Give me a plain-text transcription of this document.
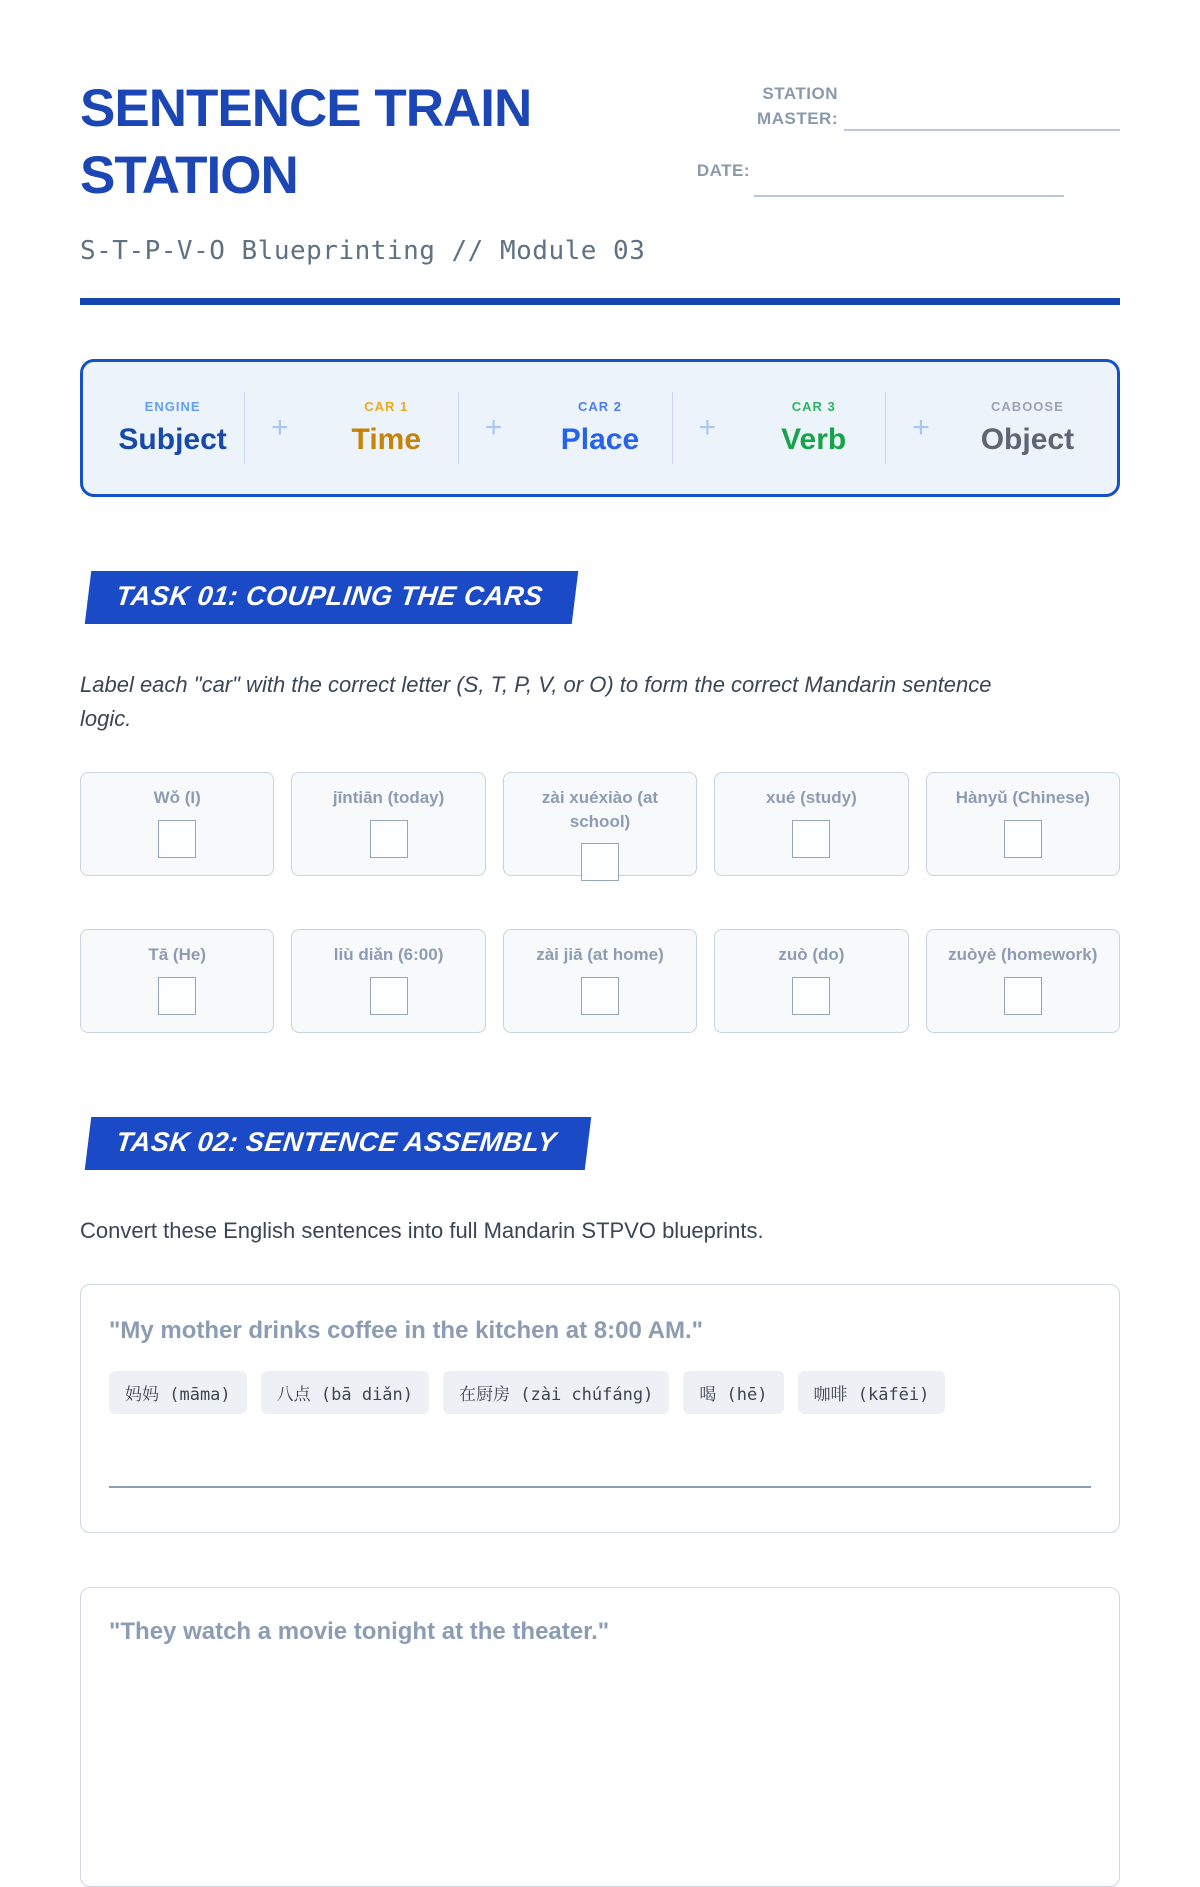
SENTENCE TRAIN
STATION
STATION MASTER:
DATE:
S-T-P-V-O Blueprinting // Module 03
ENGINE
Subject +
CAR 1
Time +
CAR 2
Place +
CAR 3
Verb +
CABOOSE
Object
TASK 01: COUPLING THE CARS
Label each "car" with the correct letter (S, T, P, V, or O) to form the correct Mandarin sentence logic.
Wǒ (I)	jīntiān (today)	zài xuéxiào (at school)
xué (study)	Hànyǔ (Chinese)
Tā (He)	liù diǎn (6:00)	zài jiā (at home)	zuò (do)	zuòyè (homework)
TASK 02: SENTENCE ASSEMBLY
Convert these English sentences into full Mandarin STPVO blueprints.
"My mother drinks coffee in the kitchen at 8:00 AM."
妈妈 (māma)	八点 (bā diǎn)	在厨房 (zài chúfáng)	喝 (hē)	咖啡 (kāfēi)
"They watch a movie tonight at the theater."
